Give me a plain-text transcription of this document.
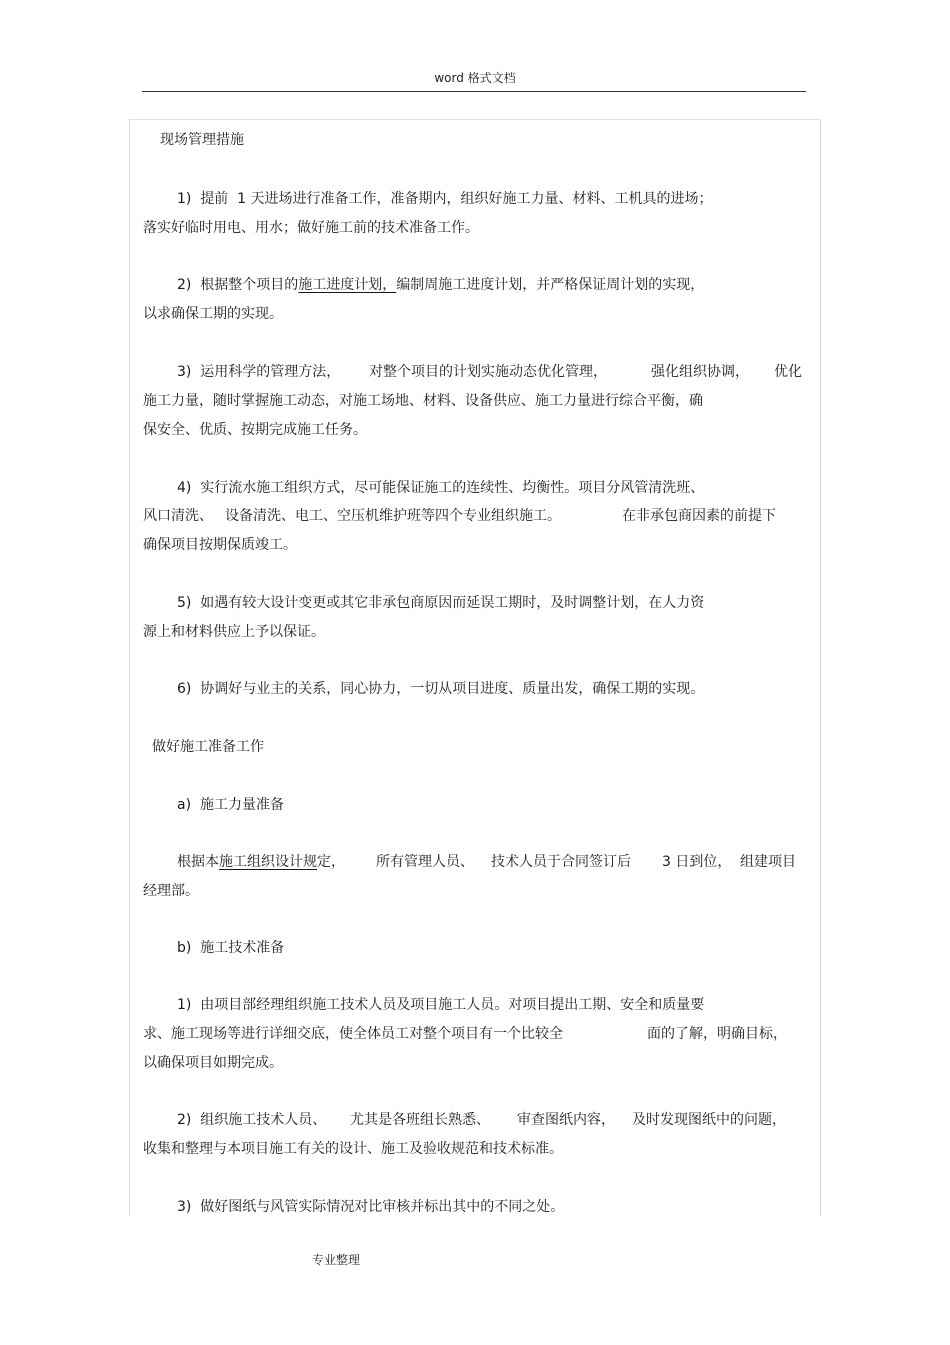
word 格式文档
现场管理措施
1)  提前  1 天进场进行准备工作，准备期内，组织好施工力量、材料、工机具的进场；
落实好临时用电、用水；做好施工前的技术准备工作。
2)  根据整个项目的施工进度计划，编制周施工进度计划，并严格保证周计划的实现，
以求确保工期的实现。
3)  运用科学的管理方法， 对整个项目的计划实施动态优化管理，	强化组织协调， 优化
施工力量，随时掌握施工动态，对施工场地、材料、设备供应、施工力量进行综合平衡，确
保安全、优质、按期完成施工任务。
4)  实行流水施工组织方式，尽可能保证施工的连续性、均衡性。项目分风管清洗班、
风口清洗、 设备清洗、电工、空压机维护班等四个专业组织施工。	在非承包商因素的前提下
确保项目按期保质竣工。
5)  如遇有较大设计变更或其它非承包商原因而延误工期时，及时调整计划，在人力资
源上和材料供应上予以保证。
6)  协调好与业主的关系，同心协力，一切从项目进度、质量出发，确保工期的实现。
做好施工准备工作
a)  施工力量准备
根据本施工组织设计规定， 所有管理人员、 技术人员于合同签订后 3 日到位， 组建项目
经理部。
b)  施工技术准备
1)  由项目部经理组织施工技术人员及项目施工人员。对项目提出工期、安全和质量要
求、施工现场等进行详细交底，使全体员工对整个项目有一个比较全	面的了解，明确目标，
以确保项目如期完成。
2)  组织施工技术人员、 尤其是各班组长熟悉、 审查图纸内容， 及时发现图纸中的问题，
收集和整理与本项目施工有关的设计、施工及验收规范和技术标准。
3)  做好图纸与风管实际情况对比审核并标出其中的不同之处。
专业整理
